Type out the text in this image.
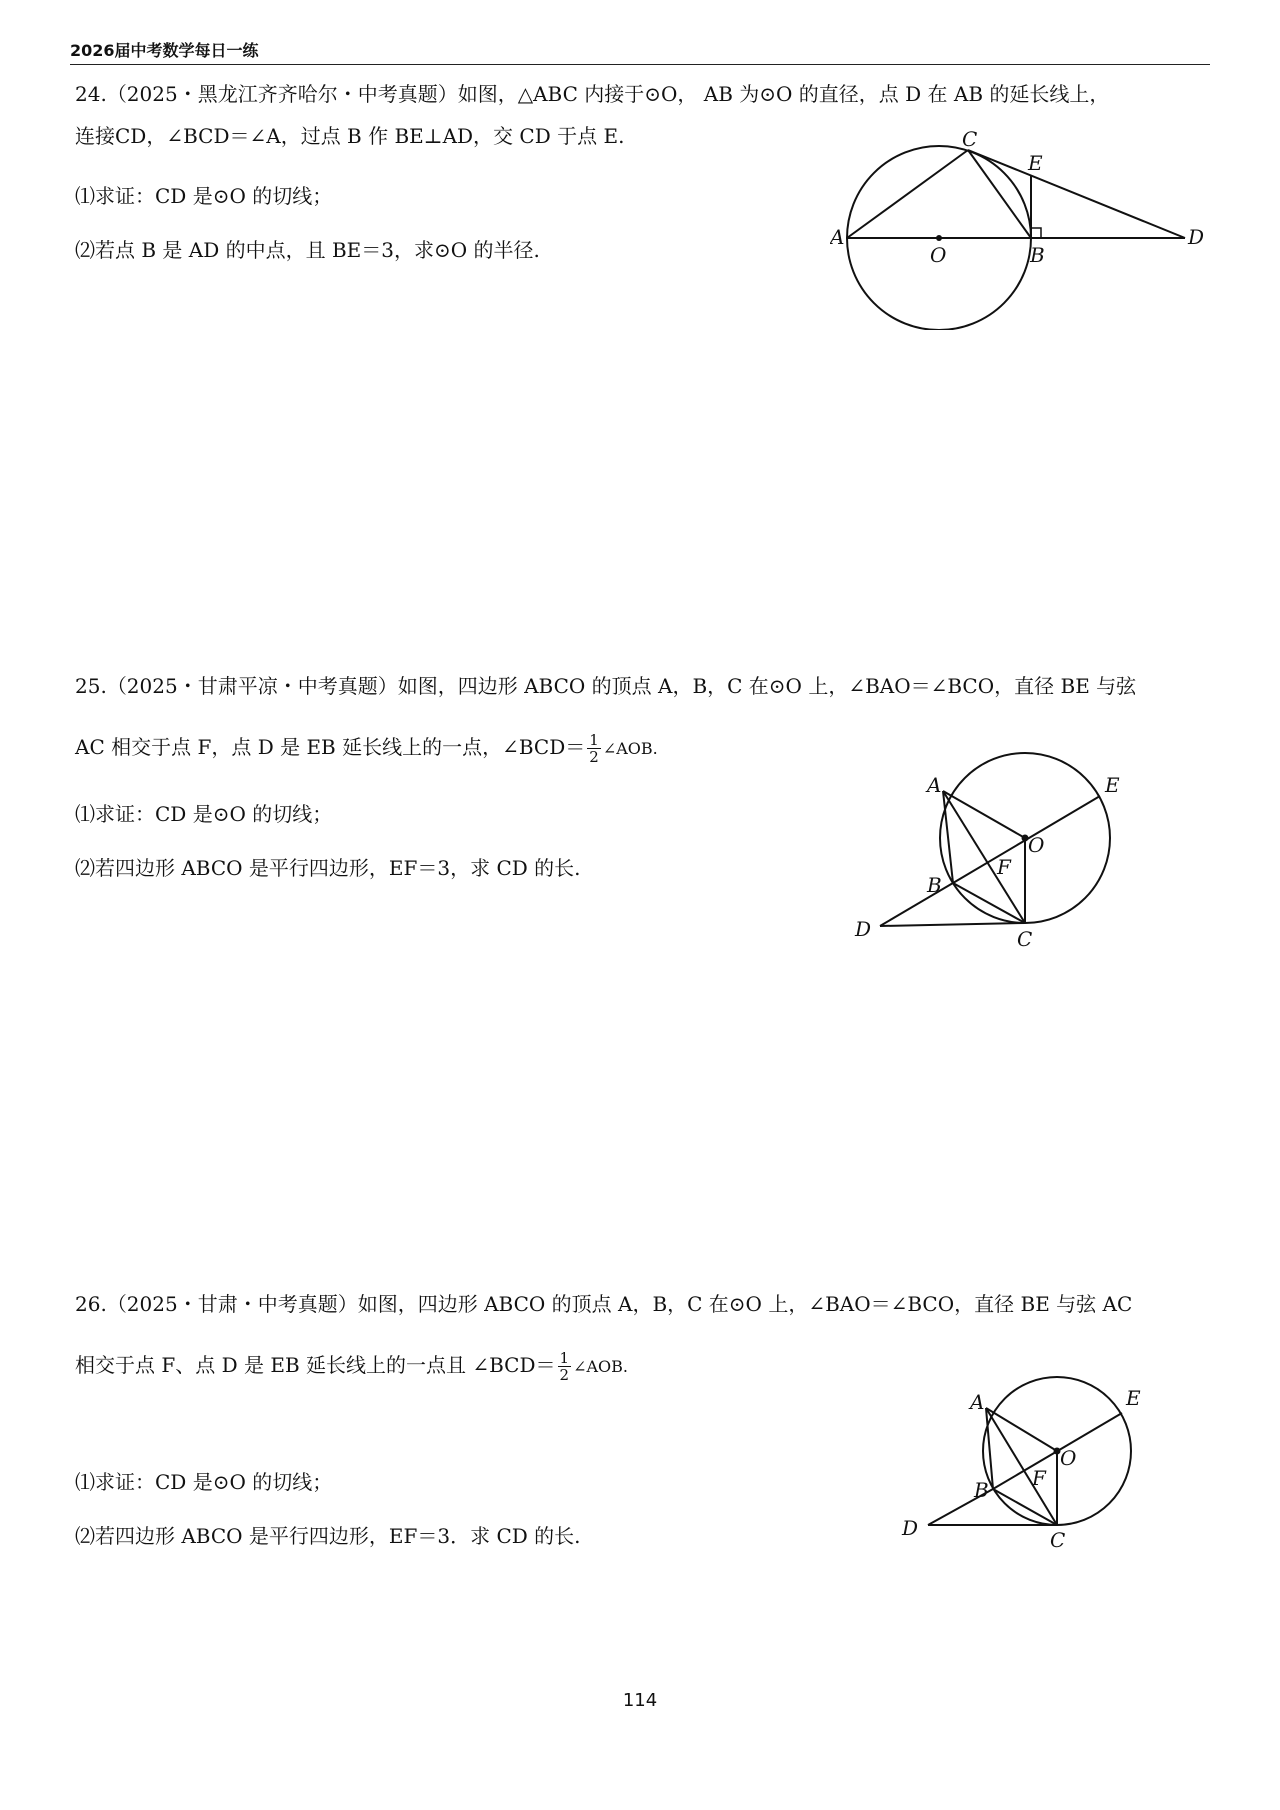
2026届中考数学每日一练
24.（2025・黑龙江齐齐哈尔・中考真题）如图，△ABC 内接于⊙O， AB 为⊙O 的直径，点 D 在 AB 的延长线上，
连接CD，∠BCD＝∠A，过点 B 作 BE⊥AD，交 CD 于点 E.
⑴求证：CD 是⊙O 的切线；
⑵若点 B 是 AD 的中点，且 BE＝3，求⊙O 的半径.
A
C
E
O	B
D
25.（2025・甘肃平凉・中考真题）如图，四边形 ABCO 的顶点 A，B，C 在⊙O 上，∠BAO＝∠BCO，直径 BE 与弦
AC 相交于点 F，点 D 是 EB 延长线上的一点，∠BCD＝ $\frac{1}{2}$ ∠AOB.
⑴求证：CD 是⊙O 的切线；
⑵若四边形 ABCO 是平行四边形，EF＝3，求 CD 的长.
A	E
O
F
B
D	C
26.（2025・甘肃・中考真题）如图，四边形 ABCO 的顶点 A，B，C 在⊙O 上，∠BAO＝∠BCO，直径 BE 与弦 AC
相交于点 F、点 D 是 EB 延长线上的一点且 ∠BCD＝ $\frac{1}{2}$ ∠AOB.
⑴求证：CD 是⊙O 的切线；
⑵若四边形 ABCO 是平行四边形，EF＝3．求 CD 的长.
A	E
O
F
B
D	C
114
